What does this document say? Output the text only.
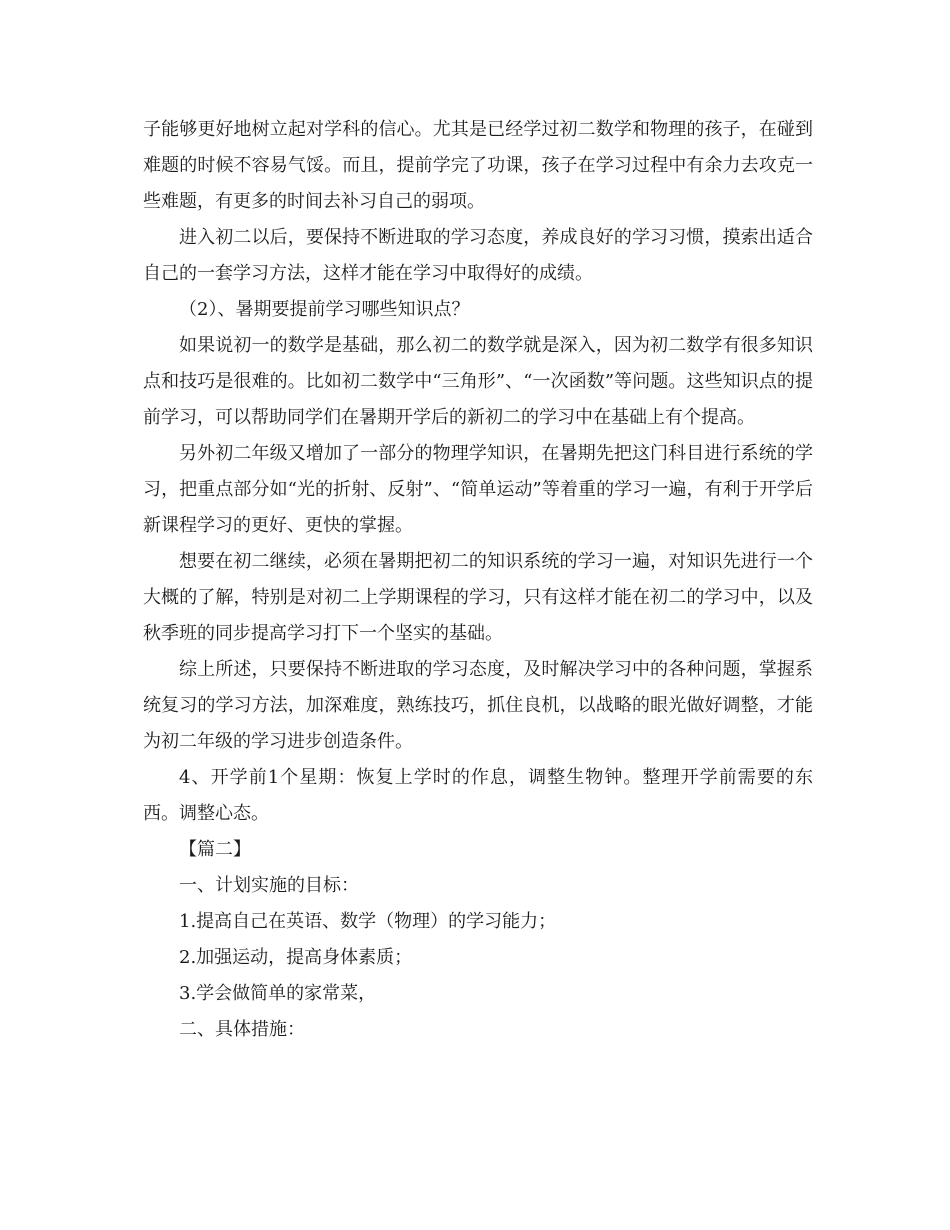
子能够更好地树立起对学科的信心。尤其是已经学过初二数学和物理的孩子，在碰到难题的时候不容易气馁。而且，提前学完了功课，孩子在学习过程中有余力去攻克一些难题，有更多的时间去补习自己的弱项。

进入初二以后，要保持不断进取的学习态度，养成良好的学习习惯，摸索出适合自己的一套学习方法，这样才能在学习中取得好的成绩。

（2）、暑期要提前学习哪些知识点？

如果说初一的数学是基础，那么初二的数学就是深入，因为初二数学有很多知识点和技巧是很难的。比如初二数学中“三角形”、“一次函数”等问题。这些知识点的提前学习，可以帮助同学们在暑期开学后的新初二的学习中在基础上有个提高。

另外初二年级又增加了一部分的物理学知识，在暑期先把这门科目进行系统的学习，把重点部分如“光的折射、反射”、“简单运动”等着重的学习一遍，有利于开学后新课程学习的更好、更快的掌握。

想要在初二继续，必须在暑期把初二的知识系统的学习一遍，对知识先进行一个大概的了解，特别是对初二上学期课程的学习，只有这样才能在初二的学习中，以及秋季班的同步提高学习打下一个坚实的基础。

综上所述，只要保持不断进取的学习态度，及时解决学习中的各种问题，掌握系统复习的学习方法，加深难度，熟练技巧，抓住良机，以战略的眼光做好调整，才能为初二年级的学习进步创造条件。

4、开学前1个星期：恢复上学时的作息，调整生物钟。整理开学前需要的东西。调整心态。

【篇二】

一、计划实施的目标：

1.提高自己在英语、数学（物理）的学习能力；

2.加强运动，提高身体素质；

3.学会做简单的家常菜，

二、具体措施：
